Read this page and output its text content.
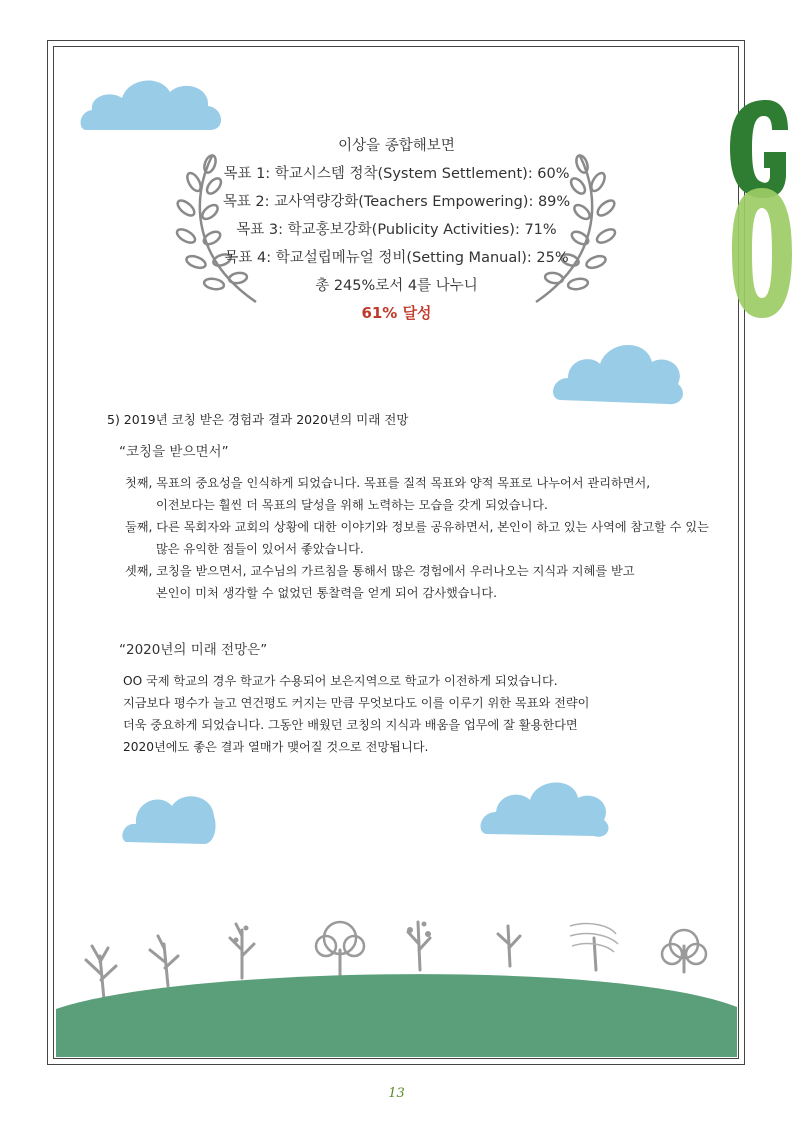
이상을 종합해보면
목표 1: 학교시스템 정착(System Settlement): 60%
목표 2: 교사역량강화(Teachers Empowering): 89%
목표 3: 학교홍보강화(Publicity Activities): 71%
목표 4: 학교설립메뉴얼 정비(Setting Manual): 25%
총 245%로서 4를 나누니
61% 달성
5) 2019년 코칭 받은 경험과 결과 2020년의 미래 전망
“코칭을 받으면서”
첫째, 목표의 중요성을 인식하게 되었습니다. 목표를 질적 목표와 양적 목표로 나누어서 관리하면서,
이전보다는 훨씬 더 목표의 달성을 위해 노력하는 모습을 갖게 되었습니다.
둘째, 다른 목회자와 교회의 상황에 대한 이야기와 정보를 공유하면서, 본인이 하고 있는 사역에 참고할 수 있는
많은 유익한 점들이 있어서 좋았습니다.
셋째, 코칭을 받으면서, 교수님의 가르침을 통해서 많은 경험에서 우러나오는 지식과 지혜를 받고
본인이 미처 생각할 수 없었던 통찰력을 얻게 되어 감사했습니다.
“2020년의 미래 전망은”
OO 국제 학교의 경우 학교가 수용되어 보은지역으로 학교가 이전하게 되었습니다.
지금보다 평수가 늘고 연건평도 커지는 만큼 무엇보다도 이를 이루기 위한 목표와 전략이
더욱 중요하게 되었습니다. 그동안 배웠던 코칭의 지식과 배움을 업무에 잘 활용한다면
2020년에도 좋은 결과 열매가 맺어질 것으로 전망됩니다.
13
